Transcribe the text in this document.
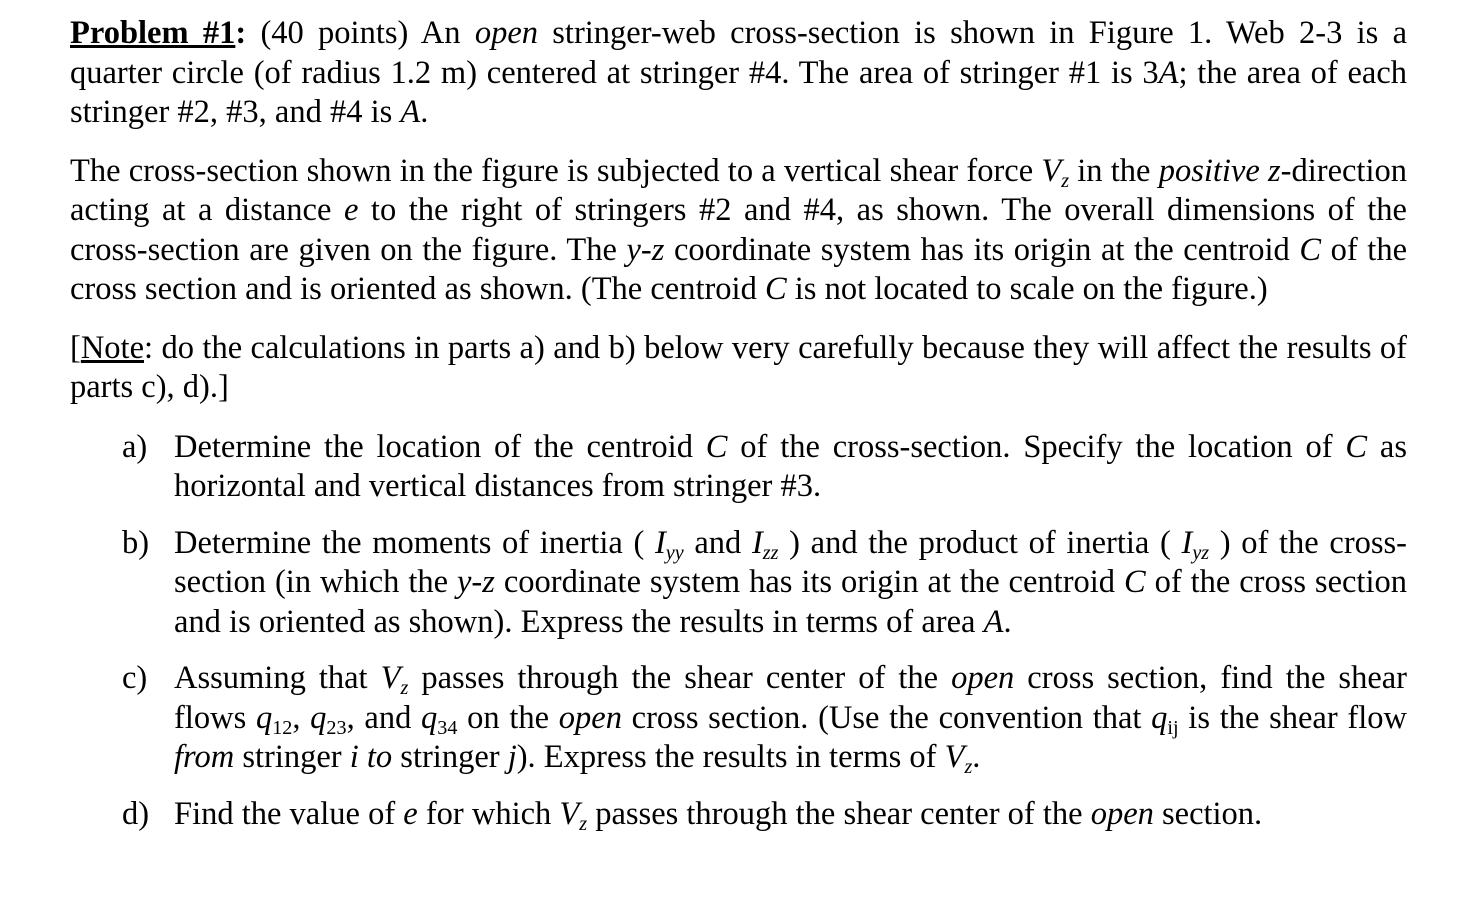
Problem #1: (40 points) An open stringer-web cross-section is shown in Figure 1. Web 2-3 is a quarter circle (of radius 1.2 m) centered at stringer #4. The area of stringer #1 is 3A; the area of each stringer #2, #3, and #4 is A.

The cross-section shown in the figure is subjected to a vertical shear force $V_z$ in the positive z-direction acting at a distance e to the right of stringers #2 and #4, as shown. The overall dimensions of the cross-section are given on the figure. The y-z coordinate system has its origin at the centroid C of the cross section and is oriented as shown. (The centroid C is not located to scale on the figure.)

[Note: do the calculations in parts a) and b) below very carefully because they will affect the results of parts c), d).]

a) Determine the location of the centroid C of the cross-section. Specify the location of C as horizontal and vertical distances from stringer #3.

b) Determine the moments of inertia ( $I_{yy}$ and $I_{zz}$ ) and the product of inertia ( $I_{yz}$ ) of the cross-section (in which the y-z coordinate system has its origin at the centroid C of the cross section and is oriented as shown). Express the results in terms of area A.

c) Assuming that $V_z$ passes through the shear center of the open cross section, find the shear flows $q_{12}$, $q_{23}$, and $q_{34}$ on the open cross section. (Use the convention that $q_{ij}$ is the shear flow from stringer i to stringer j). Express the results in terms of $V_z$.

d) Find the value of e for which $V_z$ passes through the shear center of the open section.
